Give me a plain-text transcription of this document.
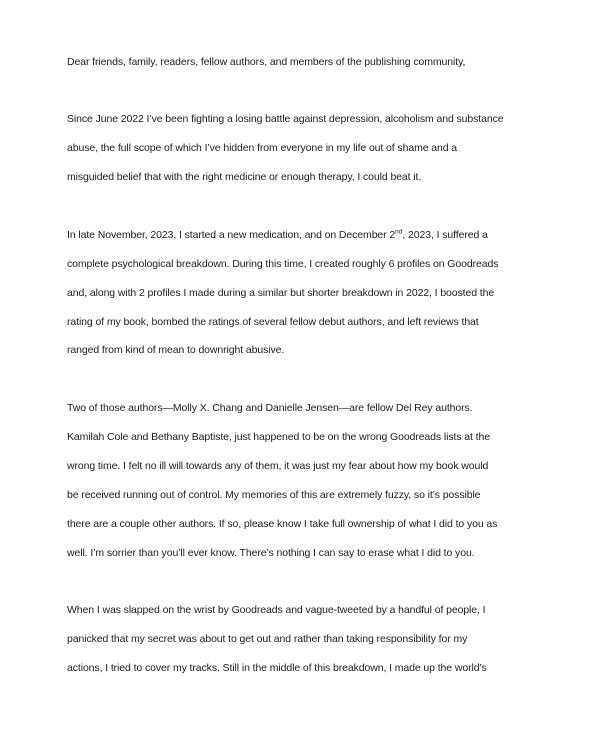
Dear friends, family, readers, fellow authors, and members of the publishing community,

Since June 2022 I’ve been fighting a losing battle against depression, alcoholism and substance
abuse, the full scope of which I’ve hidden from everyone in my life out of shame and a
misguided belief that with the right medicine or enough therapy, I could beat it.

In late November, 2023, I started a new medication, and on December 2nd, 2023, I suffered a
complete psychological breakdown. During this time, I created roughly 6 profiles on Goodreads
and, along with 2 profiles I made during a similar but shorter breakdown in 2022, I boosted the
rating of my book, bombed the ratings of several fellow debut authors, and left reviews that
ranged from kind of mean to downright abusive.

Two of those authors—Molly X. Chang and Danielle Jensen—are fellow Del Rey authors.
Kamilah Cole and Bethany Baptiste, just happened to be on the wrong Goodreads lists at the
wrong time. I felt no ill will towards any of them, it was just my fear about how my book would
be received running out of control. My memories of this are extremely fuzzy, so it’s possible
there are a couple other authors. If so, please know I take full ownership of what I did to you as
well. I’m sorrier than you’ll ever know. There’s nothing I can say to erase what I did to you.

When I was slapped on the wrist by Goodreads and vague-tweeted by a handful of people, I
panicked that my secret was about to get out and rather than taking responsibility for my
actions, I tried to cover my tracks. Still in the middle of this breakdown, I made up the world’s
